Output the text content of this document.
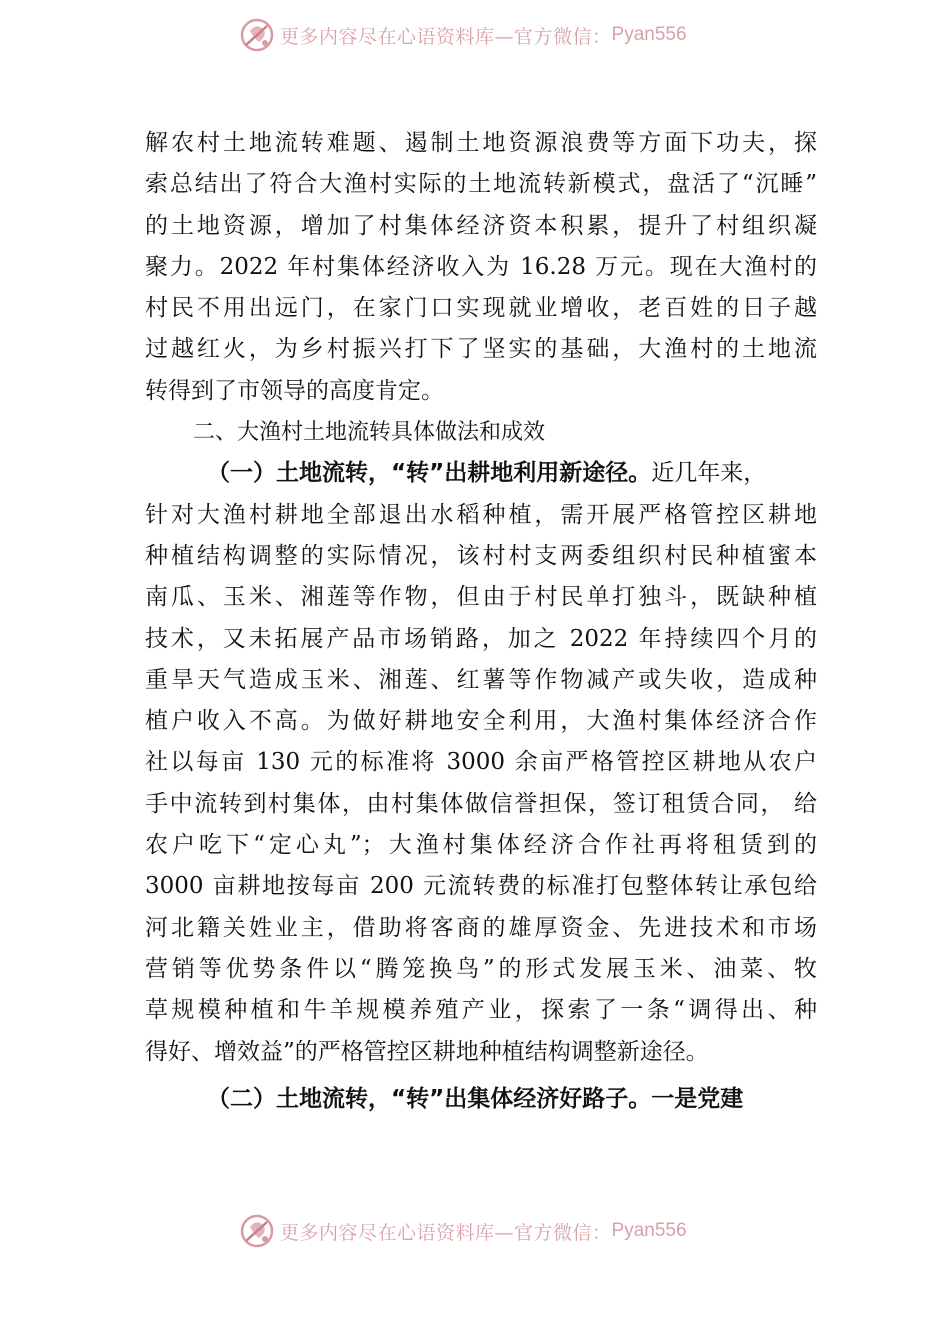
更多内容尽在心语资料库—官方微信： Pyan556
解农村土地流转难题、遏制土地资源浪费等方面下功夫，探
索总结出了符合大渔村实际的土地流转新模式，盘活了“沉睡”
的土地资源，增加了村集体经济资本积累，提升了村组织凝
聚力。2022 年村集体经济收入为 16.28 万元。现在大渔村的
村民不用出远门，在家门口实现就业增收，老百姓的日子越
过越红火，为乡村振兴打下了坚实的基础，大渔村的土地流
转得到了市领导的高度肯定。
二、大渔村土地流转具体做法和成效
（一）土地流转，“转”出耕地利用新途径。近几年来，
针对大渔村耕地全部退出水稻种植，需开展严格管控区耕地
种植结构调整的实际情况，该村村支两委组织村民种植蜜本
南瓜、玉米、湘莲等作物，但由于村民单打独斗，既缺种植
技术，又未拓展产品市场销路，加之 2022 年持续四个月的
重旱天气造成玉米、湘莲、红薯等作物减产或失收，造成种
植户收入不高。为做好耕地安全利用，大渔村集体经济合作
社以每亩 130 元的标准将 3000 余亩严格管控区耕地从农户
手中流转到村集体，由村集体做信誉担保，签订租赁合同， 给
农户吃下“定心丸”；大渔村集体经济合作社再将租赁到的
3000 亩耕地按每亩 200 元流转费的标准打包整体转让承包给
河北籍关姓业主，借助将客商的雄厚资金、先进技术和市场
营销等优势条件以“腾笼换鸟”的形式发展玉米、油菜、牧
草规模种植和牛羊规模养殖产业，探索了一条“调得出、种
得好、增效益”的严格管控区耕地种植结构调整新途径。
（二）土地流转，“转”出集体经济好路子。一是党建
更多内容尽在心语资料库—官方微信： Pyan556
